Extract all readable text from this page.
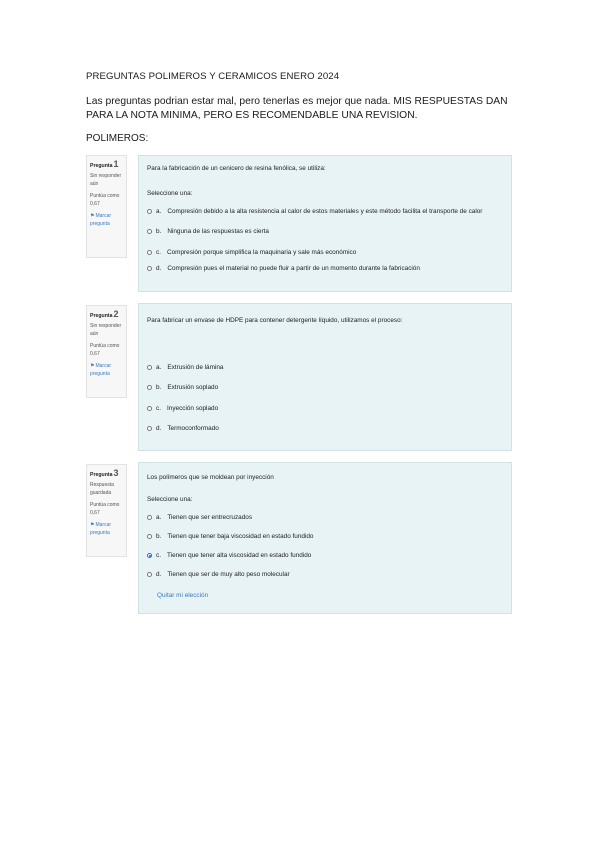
PREGUNTAS POLIMEROS Y CERAMICOS ENERO 2024
Las preguntas podrian estar mal, pero tenerlas es mejor que nada. MIS RESPUESTAS DAN PARA LA NOTA MINIMA, PERO ES RECOMENDABLE UNA REVISION.
POLIMEROS:
Pregunta1
Sin responder aún
Puntúa como 0,67
⚑Marcar pregunta
Para la fabricación de un cenicero de resina fenólica, se utiliza:
Seleccione una:
a. Compresión debido a la alta resistencia al calor de estos materiales y este método facilita el transporte de calor
b. Ninguna de las respuestas es cierta
c. Compresión porque simplifica la maquinaria y sale más económico
d. Compresión pues el material no puede fluir a partir de un momento durante la fabricación
Pregunta2
Sin responder aún
Puntúa como 0,67
⚑Marcar pregunta
Para fabricar un envase de HDPE para contener detergente líquido, utilizamos el proceso:
a. Extrusión de lámina
b. Extrusión soplado
c. Inyección soplado
d. Termoconformado
Pregunta3
Respuesta guardada
Puntúa como 0,67
⚑Marcar pregunta
Los polímeros que se moldean por inyección
Seleccione una:
a. Tienen que ser entrecruzados
b. Tienen que tener baja viscosidad en estado fundido
c. Tienen que tener alta viscosidad en estado fundido
d. Tienen que ser de muy alto peso molecular
Quitar mi elección
